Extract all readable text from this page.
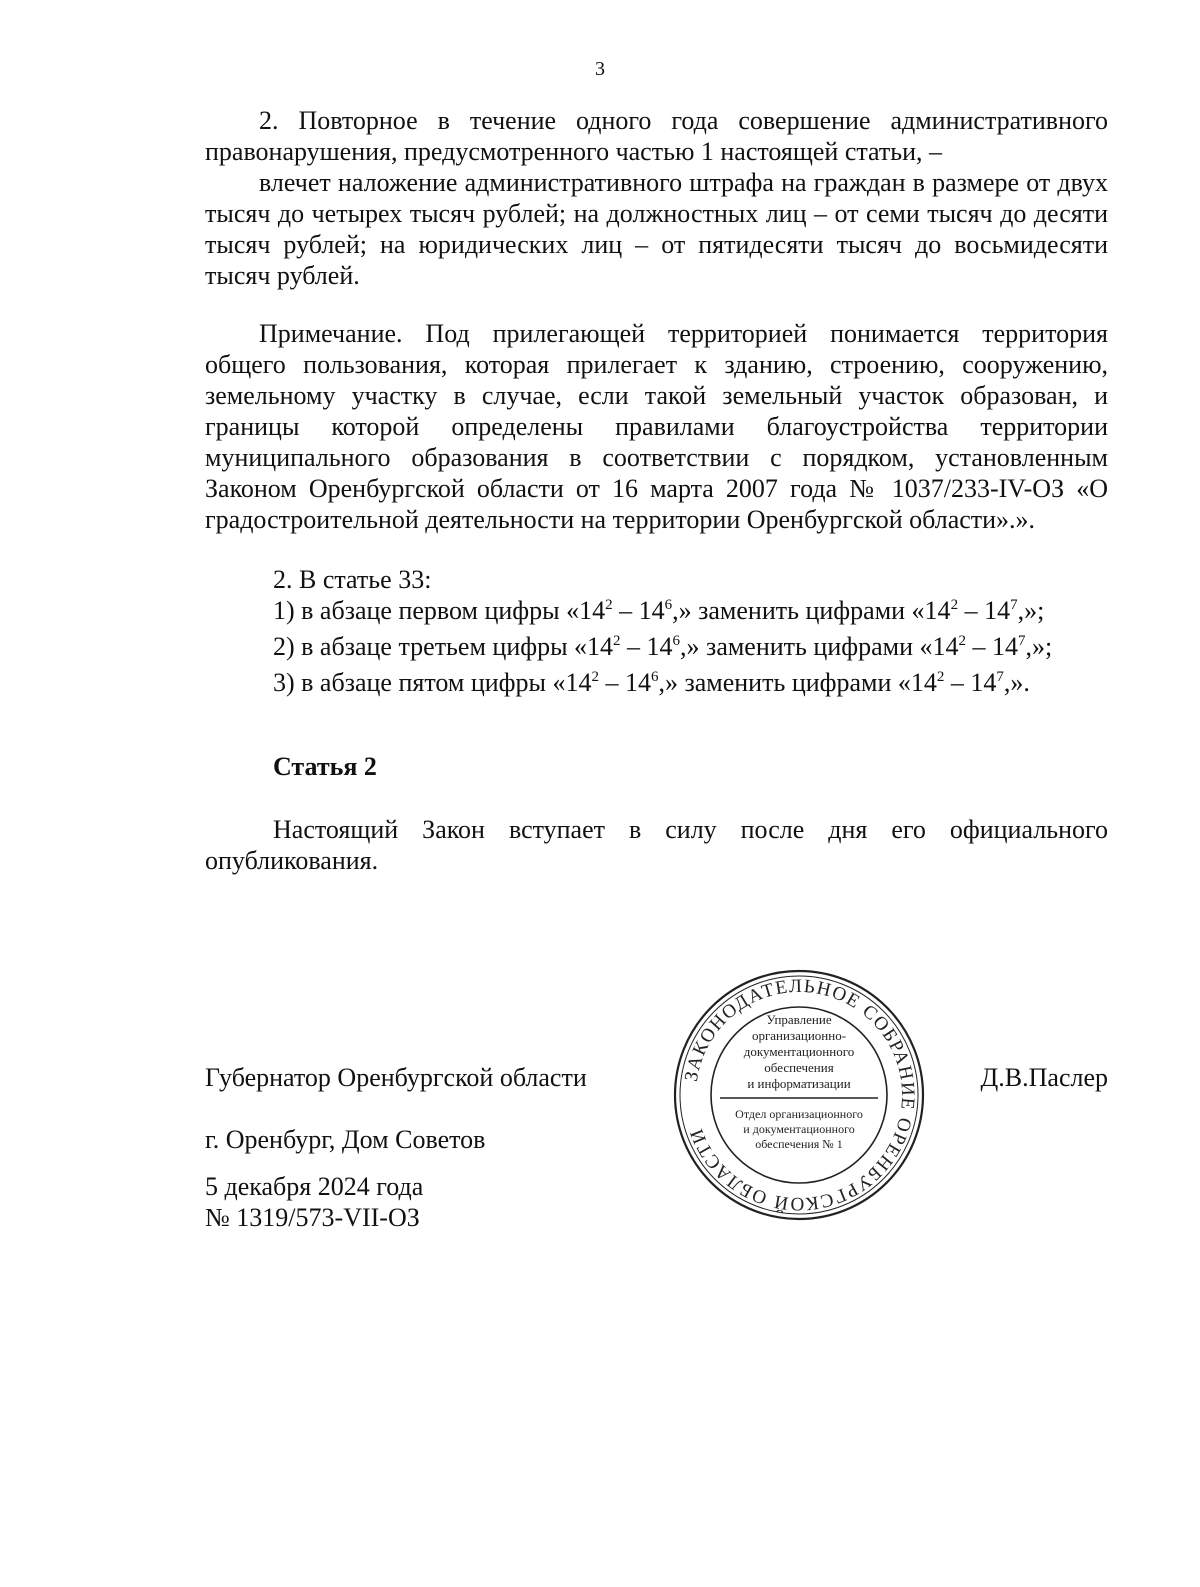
3

2. Повторное в течение одного года совершение административного правонарушения, предусмотренного частью 1 настоящей статьи, –

влечет наложение административного штрафа на граждан в размере от двух тысяч до четырех тысяч рублей; на должностных лиц – от семи тысяч до десяти тысяч рублей; на юридических лиц – от пятидесяти тысяч до восьмидесяти тысяч рублей.

Примечание. Под прилегающей территорией понимается территория общего пользования, которая прилегает к зданию, строению, сооружению, земельному участку в случае, если такой земельный участок образован, и границы которой определены правилами благоустройства территории муниципального образования в соответствии с порядком, установленным Законом Оренбургской области от 16 марта 2007 года № 1037/233-IV-ОЗ «О градостроительной деятельности на территории Оренбургской области».».

2. В статье 33:

1) в абзаце первом цифры «$14^2 - 14^6$,» заменить цифрами «$14^2 - 14^7$,»;

2) в абзаце третьем цифры «$14^2 - 14^6$,» заменить цифрами «$14^2 - 14^7$,»;

3) в абзаце пятом цифры «$14^2 - 14^6$,» заменить цифрами «$14^2 - 14^7$,».

Статья 2

Настоящий Закон вступает в силу после дня его официального опубликования.

Губернатор Оренбургской области	Д.В.Паслер
г. Оренбург, Дом Советов
5 декабря 2024 года
№ 1319/573-VII-ОЗ
ЗАКОНОДАТЕЛЬНОЕ СОБРАНИЕ ОРЕНБУРГСКОЙ ОБЛАСТИ
Управление
организационно-
документационного
обеспечения
и информатизации
Отдел организационного
и документационного
обеспечения № 1
